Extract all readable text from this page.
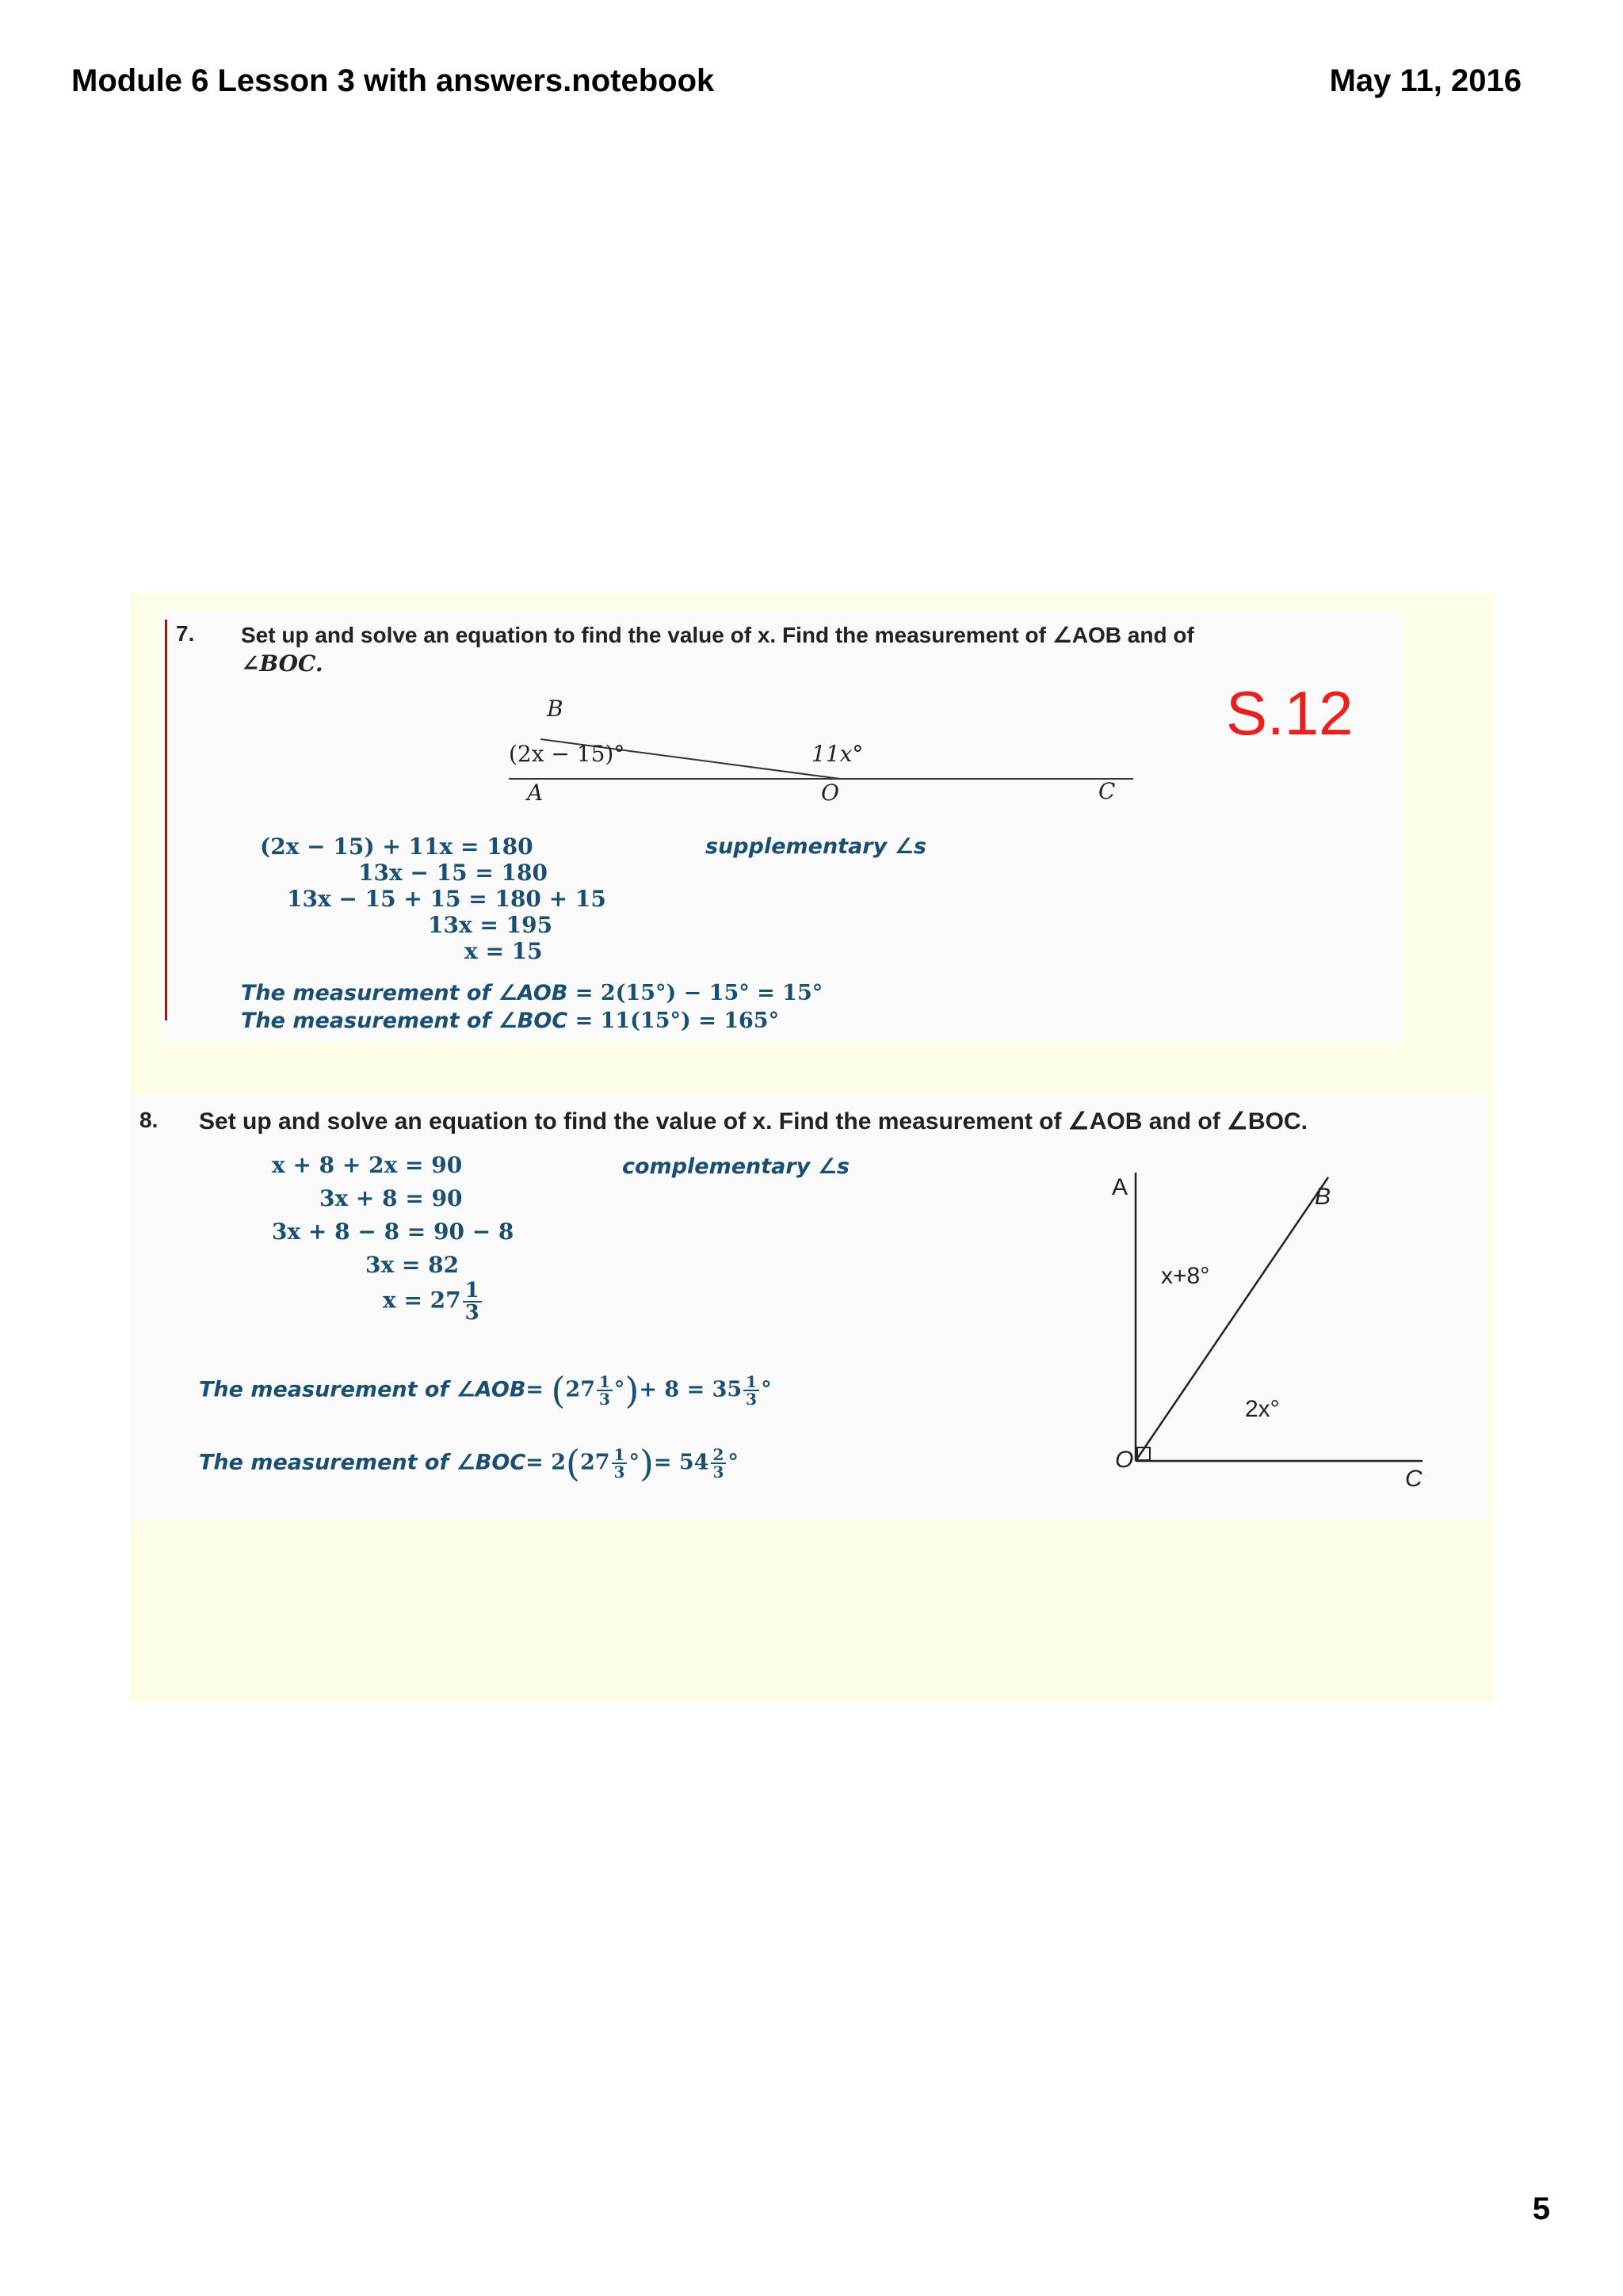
Module 6 Lesson 3 with answers.notebook	May 11, 2016
7. Set up and solve an equation to find the value of x. Find the measurement of ∠AOB and of
∠BOC.
S.12
B
(2x − 15)°	11x°
A	O	C
(2x − 15) + 11x = 180
13x − 15 = 180
13x − 15 + 15 = 180 + 15
13x = 195
x = 15
supplementary ∠s
The measurement of ∠AOB = 2(15°) − 15° = 15°
The measurement of ∠BOC = 11(15°) = 165°
8. Set up and solve an equation to find the value of x. Find the measurement of ∠AOB and of ∠BOC.
x + 8 + 2x = 90
3x + 8 = 90
3x + 8 − 8 = 90 − 8
3x = 82
$x = 27 \frac{1}{3}$
complementary ∠s
The measurement of ∠AOB= ($27 \frac{1}{3}$ °)+ $8 = 35 \frac{1}{3}$ °
The measurement of ∠BOC= $2(27 \frac{1}{3}$ °)= $54 \frac{2}{3}$ °
A	B
x+8°
2x°
O
C
5
